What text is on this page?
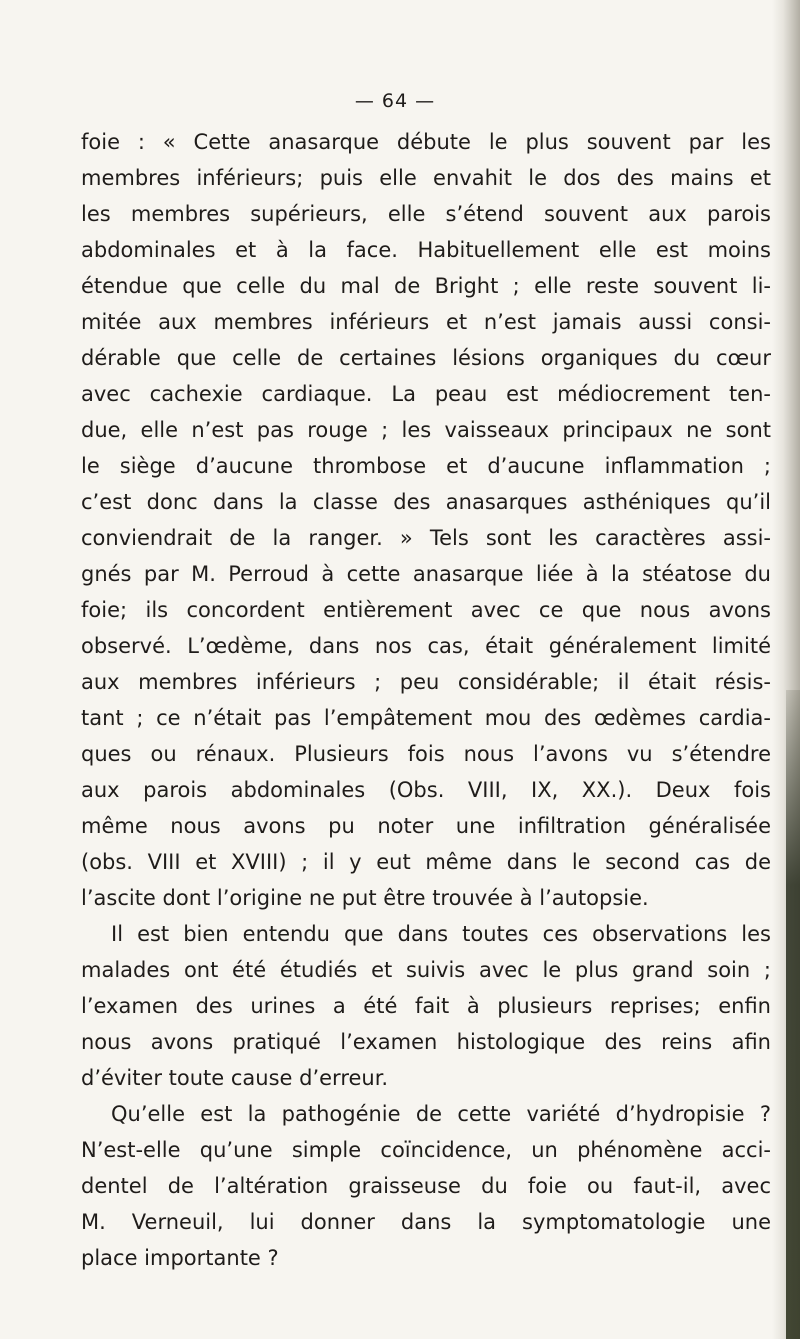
— 64 —
foie : « Cette anasarque débute le plus souvent par les
membres inférieurs; puis elle envahit le dos des mains et
les membres supérieurs, elle s’étend souvent aux parois
abdominales et à la face. Habituellement elle est moins
étendue que celle du mal de Bright ; elle reste souvent li-
mitée aux membres inférieurs et n’est jamais aussi consi-
dérable que celle de certaines lésions organiques du cœur
avec cachexie cardiaque. La peau est médiocrement ten-
due, elle n’est pas rouge ; les vaisseaux principaux ne sont
le siège d’aucune thrombose et d’aucune inflammation ;
c’est donc dans la classe des anasarques asthéniques qu’il
conviendrait de la ranger. » Tels sont les caractères assi-
gnés par M. Perroud à cette anasarque liée à la stéatose du
foie; ils concordent entièrement avec ce que nous avons
observé. L’œdème, dans nos cas, était généralement limité
aux membres inférieurs ; peu considérable; il était résis-
tant ; ce n’était pas l’empâtement mou des œdèmes cardia-
ques ou rénaux. Plusieurs fois nous l’avons vu s’étendre
aux parois abdominales (Obs. VIII, IX, XX.). Deux fois
même nous avons pu noter une infiltration généralisée
(obs. VIII et XVIII) ; il y eut même dans le second cas de
l’ascite dont l’origine ne put être trouvée à l’autopsie.
Il est bien entendu que dans toutes ces observations les
malades ont été étudiés et suivis avec le plus grand soin ;
l’examen des urines a été fait à plusieurs reprises; enfin
nous avons pratiqué l’examen histologique des reins afin
d’éviter toute cause d’erreur.
Qu’elle est la pathogénie de cette variété d’hydropisie ?
N’est-elle qu’une simple coïncidence, un phénomène acci-
dentel de l’altération graisseuse du foie ou faut-il, avec
M. Verneuil, lui donner dans la symptomatologie une
place importante ?
